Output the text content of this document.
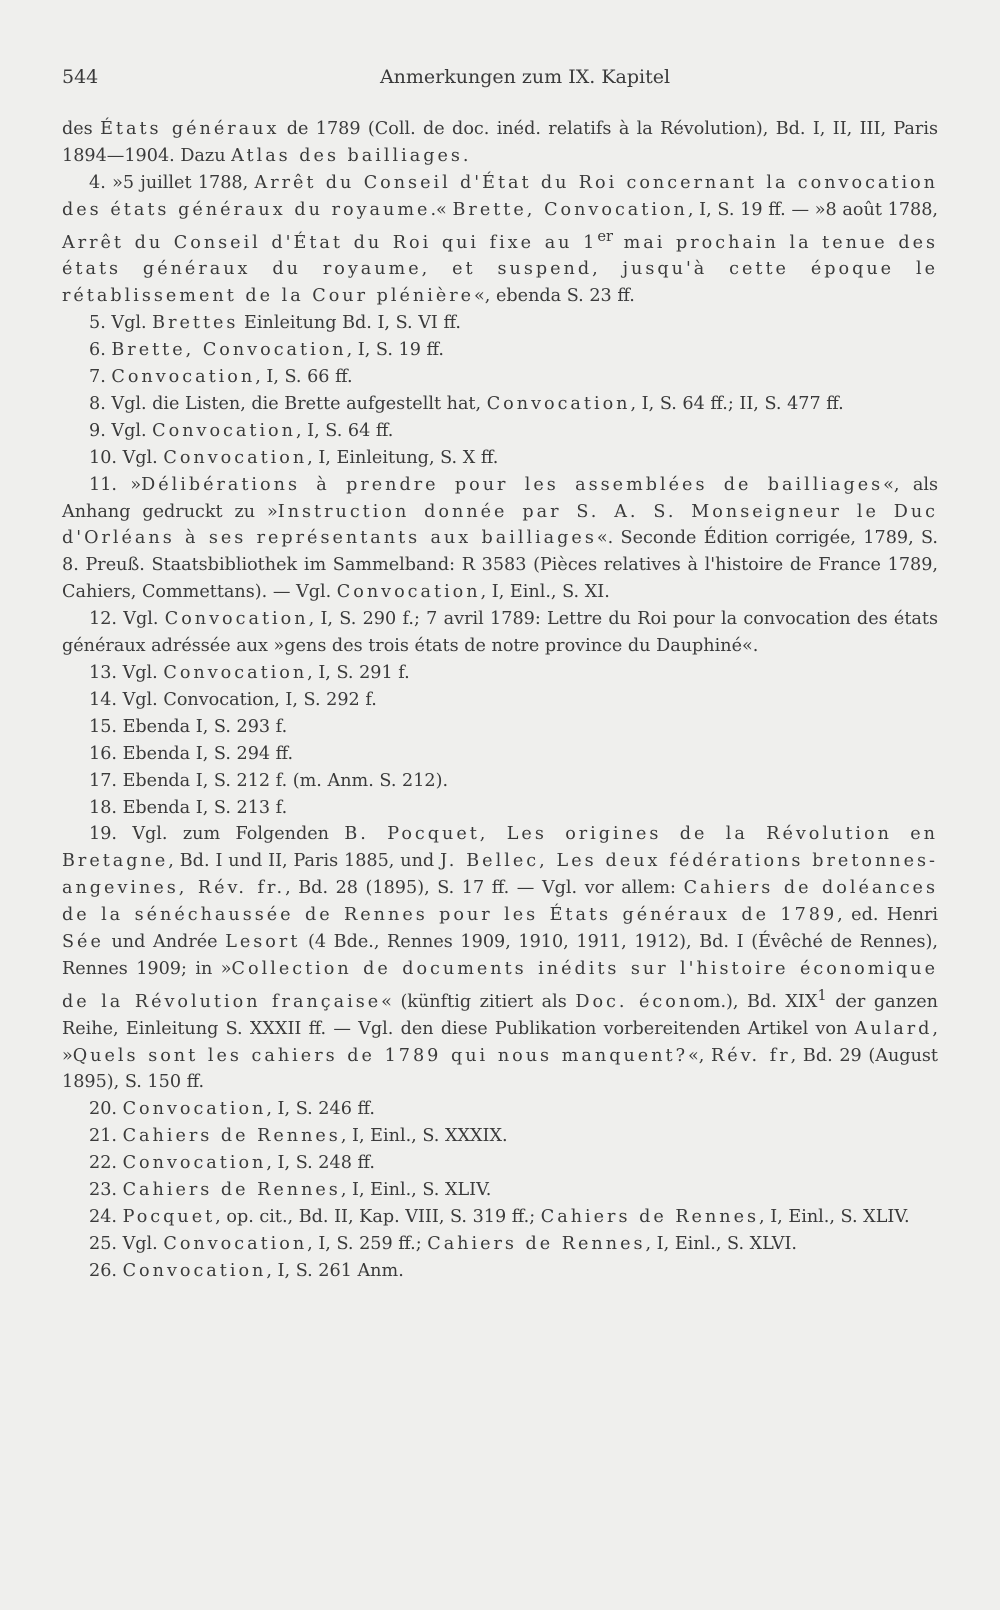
544	Anmerkungen zum IX. Kapitel

des États généraux de 1789 (Coll. de doc. inéd. relatifs à la Révolution), Bd. I, II, III, Paris 1894—1904. Dazu Atlas des bailliages.

4. »5 juillet 1788, Arrêt du Conseil d'État du Roi concernant la convocation des états généraux du royaume.« Brette, Convocation, I, S. 19 ff. — »8 août 1788, Arrêt du Conseil d'État du Roi qui fixe au 1er mai prochain la tenue des états généraux du royaume, et suspend, jusqu'à cette époque le rétablissement de la Cour plénière«, ebenda S. 23 ff.

5. Vgl. Brettes Einleitung Bd. I, S. VI ff.

6. Brette, Convocation, I, S. 19 ff.

7. Convocation, I, S. 66 ff.

8. Vgl. die Listen, die Brette aufgestellt hat, Convocation, I, S. 64 ff.; II, S. 477 ff.

9. Vgl. Convocation, I, S. 64 ff.

10. Vgl. Convocation, I, Einleitung, S. X ff.

11. »Délibérations à prendre pour les assemblées de bailliages«, als Anhang gedruckt zu »Instruction donnée par S. A. S. Monseigneur le Duc d'Orléans à ses représentants aux bailliages«. Seconde Édition corrigée, 1789, S. 8. Preuß. Staatsbibliothek im Sammelband: R 3583 (Pièces relatives à l'histoire de France 1789, Cahiers, Commettans). — Vgl. Convocation, I, Einl., S. XI.

12. Vgl. Convocation, I, S. 290 f.; 7 avril 1789: Lettre du Roi pour la convocation des états généraux adréssée aux »gens des trois états de notre province du Dauphiné«.

13. Vgl. Convocation, I, S. 291 f.

14. Vgl. Convocation, I, S. 292 f.

15. Ebenda I, S. 293 f.

16. Ebenda I, S. 294 ff.

17. Ebenda I, S. 212 f. (m. Anm. S. 212).

18. Ebenda I, S. 213 f.

19. Vgl. zum Folgenden B. Pocquet, Les origines de la Révolution en Bretagne, Bd. I und II, Paris 1885, und J. Bellec, Les deux fédérations bretonnes-angevines, Rév. fr., Bd. 28 (1895), S. 17 ff. — Vgl. vor allem: Cahiers de doléances de la sénéchaussée de Rennes pour les États généraux de 1789, ed. Henri Sée und Andrée Lesort (4 Bde., Rennes 1909, 1910, 1911, 1912), Bd. I (Évêché de Rennes), Rennes 1909; in »Collection de documents inédits sur l'histoire économique de la Révolution française« (künftig zitiert als Doc. économ.), Bd. XIX$^1$ der ganzen Reihe, Einleitung S. XXXII ff. — Vgl. den diese Publikation vorbereitenden Artikel von Aulard, »Quels sont les cahiers de 1789 qui nous manquent?«, Rév. fr, Bd. 29 (August 1895), S. 150 ff.

20. Convocation, I, S. 246 ff.

21. Cahiers de Rennes, I, Einl., S. XXXIX.

22. Convocation, I, S. 248 ff.

23. Cahiers de Rennes, I, Einl., S. XLIV.

24. Pocquet, op. cit., Bd. II, Kap. VIII, S. 319 ff.; Cahiers de Rennes, I, Einl., S. XLIV.

25. Vgl. Convocation, I, S. 259 ff.; Cahiers de Rennes, I, Einl., S. XLVI.

26. Convocation, I, S. 261 Anm.
